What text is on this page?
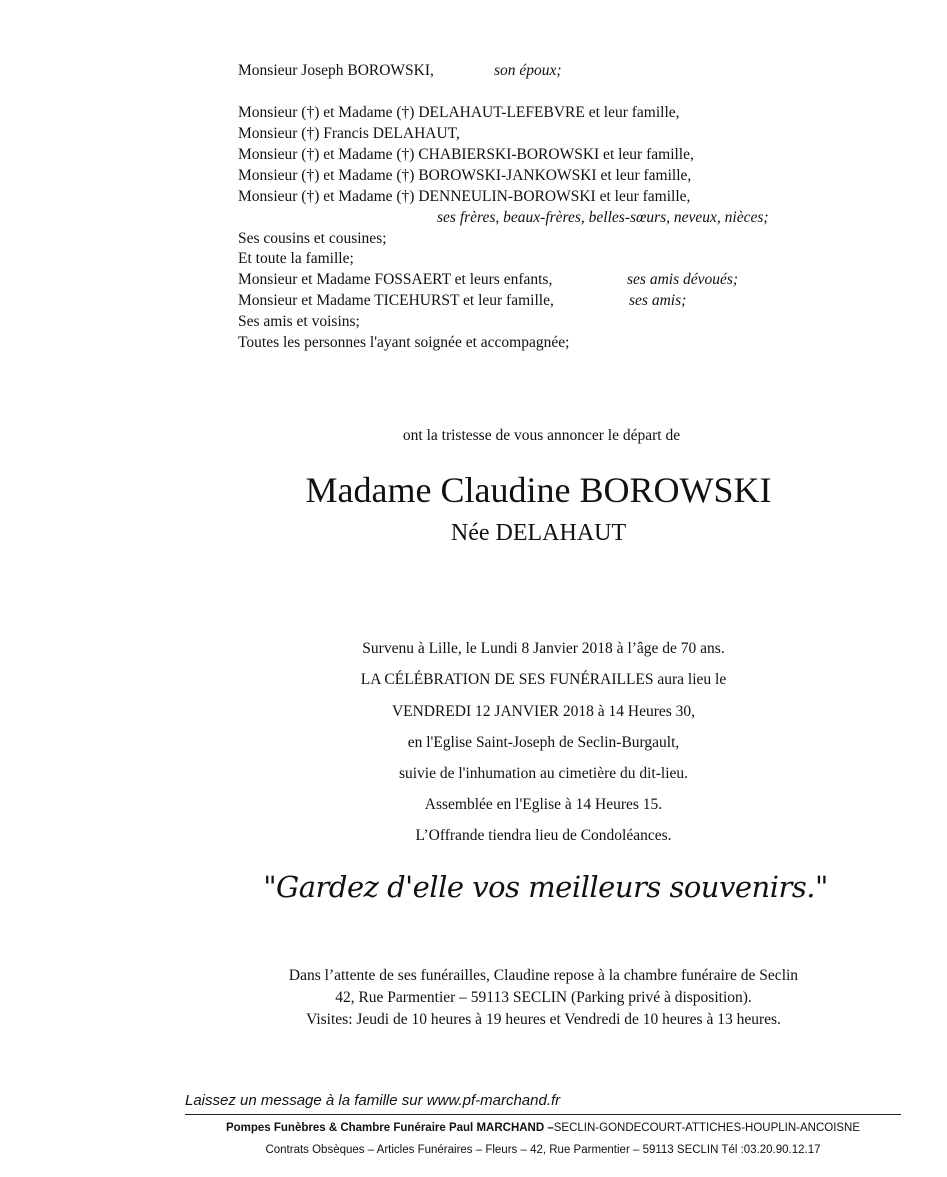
Monsieur Joseph BOROWSKI,	son époux;
Monsieur (†) et Madame (†) DELAHAUT-LEFEBVRE et leur famille,
Monsieur (†) Francis DELAHAUT,
Monsieur (†) et Madame (†) CHABIERSKI-BOROWSKI et leur famille,
Monsieur (†) et Madame (†) BOROWSKI-JANKOWSKI et leur famille,
Monsieur (†) et Madame (†) DENNEULIN-BOROWSKI et leur famille,
ses frères, beaux-frères, belles-sœurs, neveux, nièces;
Ses cousins et cousines;
Et toute la famille;
Monsieur et Madame FOSSAERT et leurs enfants,	ses amis dévoués;
Monsieur et Madame TICEHURST et leur famille,	ses amis;
Ses amis et voisins;
Toutes les personnes l'ayant soignée et accompagnée;
ont la tristesse de vous annoncer le départ de
Madame Claudine BOROWSKI
Née DELAHAUT
Survenu à Lille, le Lundi 8 Janvier 2018 à l’âge de 70 ans.
LA CÉLÉBRATION DE SES FUNÉRAILLES aura lieu le
VENDREDI 12 JANVIER 2018 à 14 Heures 30,
en l'Eglise Saint-Joseph de Seclin-Burgault,
suivie de l'inhumation au cimetière du dit-lieu.
Assemblée en l'Eglise à 14 Heures 15.
L’Offrande tiendra lieu de Condoléances.
"Gardez d'elle vos meilleurs souvenirs."
Dans l’attente de ses funérailles, Claudine repose à la chambre funéraire de Seclin
42, Rue Parmentier – 59113 SECLIN (Parking privé à disposition).
Visites: Jeudi de 10 heures à 19 heures et Vendredi de 10 heures à 13 heures.
Laissez un message à la famille sur www.pf-marchand.fr
Pompes Funèbres & Chambre Funéraire Paul MARCHAND –SECLIN-GONDECOURT-ATTICHES-HOUPLIN-ANCOISNE
Contrats Obsèques – Articles Funéraires – Fleurs – 42, Rue Parmentier – 59113 SECLIN Tél :03.20.90.12.17
